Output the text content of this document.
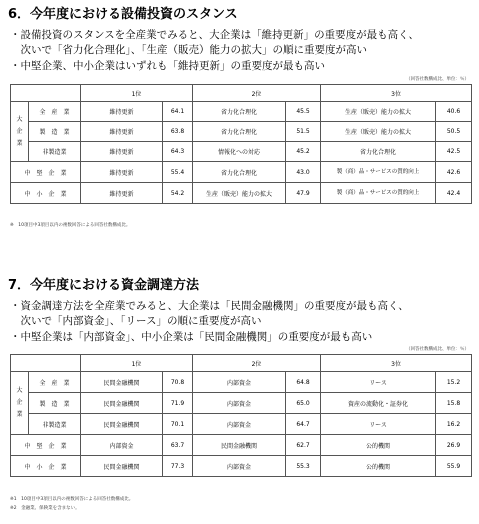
6．今年度における設備投資のスタンス
・設備投資のスタンスを全産業でみると、大企業は「維持更新」の重要度が最も高く、
　次いで「省力化合理化」、「生産（販売）能力の拡大」の順に重要度が高い
・中堅企業、中小企業はいずれも「維持更新」の重要度が最も高い
（回答社数構成比、単位：％）
		1位		2位		3位	
大
企
業	全　産　業	維持更新	64.1	省力化合理化	45.5	生産（販売）能力の拡大	40.6
	製　造　業	維持更新	63.8	省力化合理化	51.5	生産（販売）能力の拡大	50.5
	非製造業	維持更新	64.3	情報化への対応	45.2	省力化合理化	42.5
中　堅　企　業		維持更新	55.4	省力化合理化	43.0	製（商）品・サービスの質的向上	42.6
中　小　企　業		維持更新	54.2	生産（販売）能力の拡大	47.9	製（商）品・サービスの質的向上	42.4
※　10項目中3項目以内の複数回答による回答社数構成比。
7．今年度における資金調達方法
・資金調達方法を全産業でみると、大企業は「民間金融機関」の重要度が最も高く、
　次いで「内部資金」、「リース」の順に重要度が高い
・中堅企業は「内部資金」、中小企業は「民間金融機関」の重要度が最も高い
（回答社数構成比、単位：％）
		1位		2位		3位	
大
企
業	全　産　業	民間金融機関	70.8	内部資金	64.8	リース	15.2
	製　造　業	民間金融機関	71.9	内部資金	65.0	資産の流動化・証券化	15.8
	非製造業	民間金融機関	70.1	内部資金	64.7	リース	16.2
中　堅　企　業		内部資金	63.7	民間金融機関	62.7	公的機関	26.9
中　小　企　業		民間金融機関	77.3	内部資金	55.3	公的機関	55.9
※1　10項目中3項目以内の複数回答による回答社数構成比。
※2　金融業、保険業を含まない。
